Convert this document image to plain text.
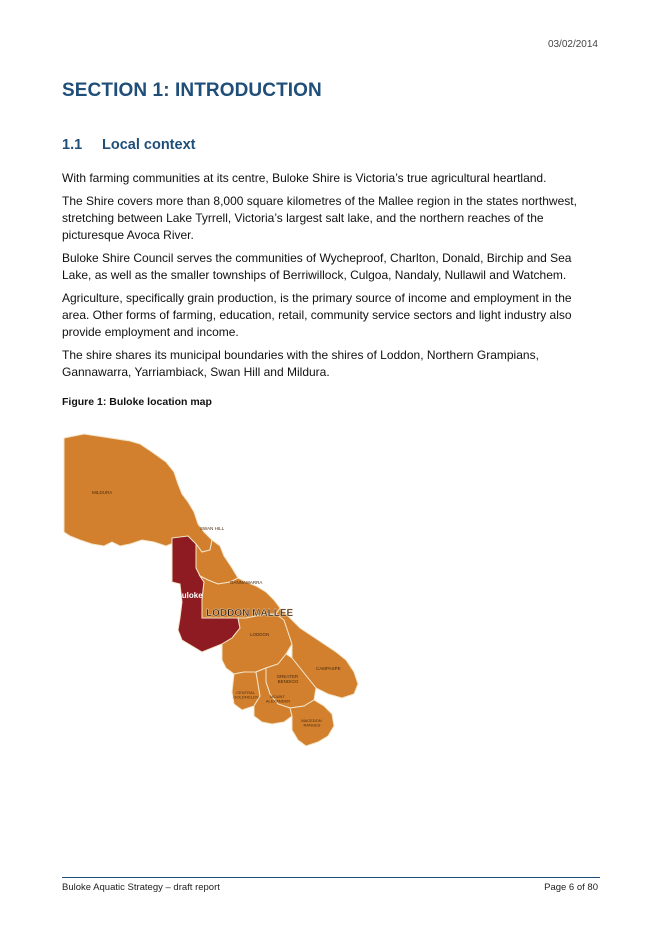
03/02/2014
SECTION 1: INTRODUCTION
1.1 Local context

With farming communities at its centre, Buloke Shire is Victoria’s true agricultural heartland.

The Shire covers more than 8,000 square kilometres of the Mallee region in the states northwest, stretching between Lake Tyrrell, Victoria’s largest salt lake, and the northern reaches of the picturesque Avoca River.

Buloke Shire Council serves the communities of Wycheproof, Charlton, Donald, Birchip and Sea Lake, as well as the smaller townships of Berriwillock, Culgoa, Nandaly, Nullawil and Watchem.

Agriculture, specifically grain production, is the primary source of income and employment in the area. Other forms of farming, education, retail, community service sectors and light industry also provide employment and income.

The shire shares its municipal boundaries with the shires of Loddon, Northern Grampians, Gannawarra, Yarriambiack, Swan Hill and Mildura.

Figure 1: Buloke location map
MILDURA
SWAN HILL
GANNAWARRA
Buloke
LODDON MALLEE
LODDON
CAMPASPE
GREATER BENDIGO
CENTRAL GOLDFIELDS	MOUNT ALEXANDER
MACEDON RANGES
Buloke Aquatic Strategy – draft report	Page 6 of 80
